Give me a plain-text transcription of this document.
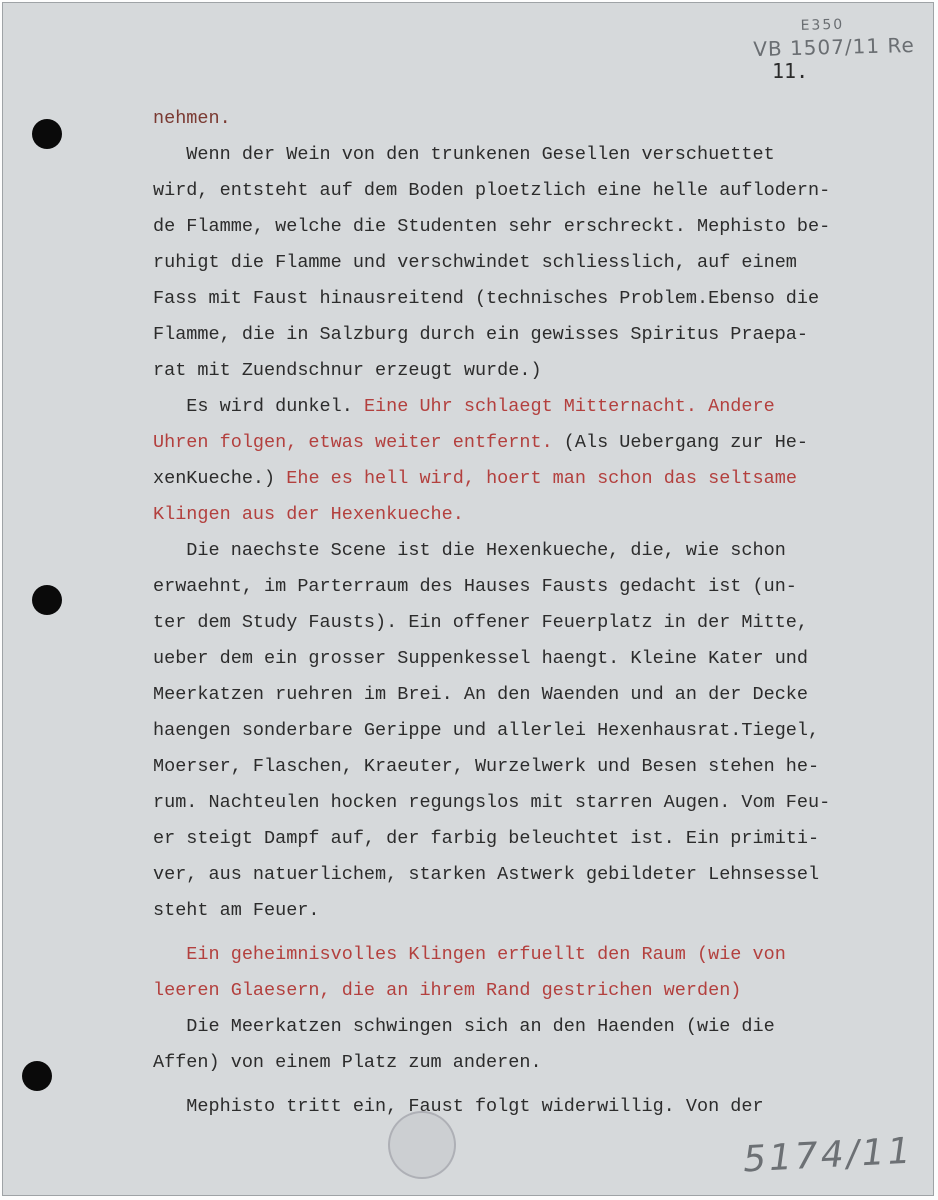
E350
VB 1507/11 Re
11.
nehmen.
Wenn der Wein von den trunkenen Gesellen verschuettet
wird, entsteht auf dem Boden ploetzlich eine helle auflodern-
de Flamme, welche die Studenten sehr erschreckt. Mephisto be-
ruhigt die Flamme und verschwindet schliesslich, auf einem
Fass mit Faust hinausreitend (technisches Problem.Ebenso die
Flamme, die in Salzburg durch ein gewisses Spiritus Praepa-
rat mit Zuendschnur erzeugt wurde.)
Es wird dunkel. Eine Uhr schlaegt Mitternacht. Andere
Uhren folgen, etwas weiter entfernt. (Als Uebergang zur He-
xenKueche.) Ehe es hell wird, hoert man schon das seltsame
Klingen aus der Hexenkueche.
Die naechste Scene ist die Hexenkueche, die, wie schon
erwaehnt, im Parterraum des Hauses Fausts gedacht ist (un-
ter dem Study Fausts). Ein offener Feuerplatz in der Mitte,
ueber dem ein grosser Suppenkessel haengt. Kleine Kater und
Meerkatzen ruehren im Brei. An den Waenden und an der Decke
haengen sonderbare Gerippe und allerlei Hexenhausrat.Tiegel,
Moerser, Flaschen, Kraeuter, Wurzelwerk und Besen stehen he-
rum. Nachteulen hocken regungslos mit starren Augen. Vom Feu-
er steigt Dampf auf, der farbig beleuchtet ist. Ein primiti-
ver, aus natuerlichem, starken Astwerk gebildeter Lehnsessel
steht am Feuer.
Ein geheimnisvolles Klingen erfuellt den Raum (wie von
leeren Glaesern, die an ihrem Rand gestrichen werden)
Die Meerkatzen schwingen sich an den Haenden (wie die
Affen) von einem Platz zum anderen.
Mephisto tritt ein, Faust folgt widerwillig. Von der
5174/11
